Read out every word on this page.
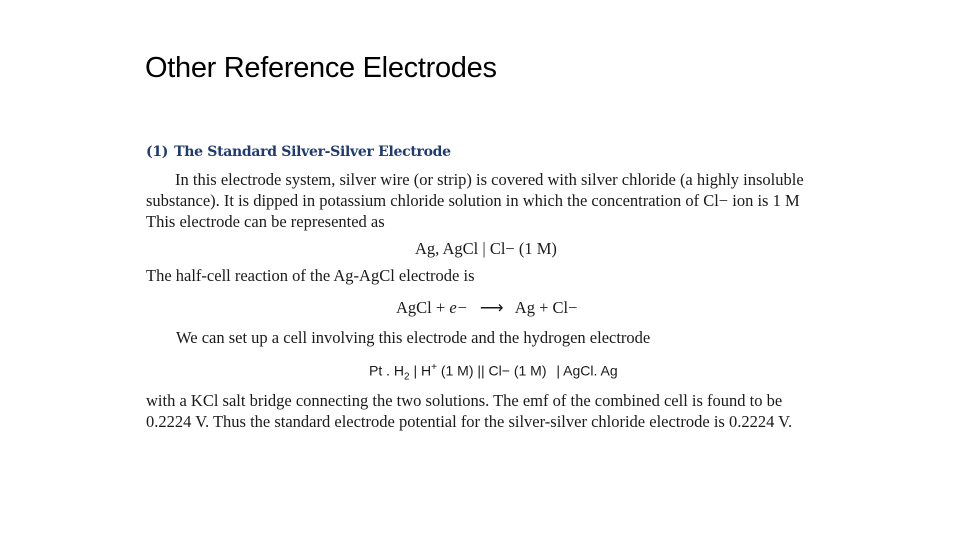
Other Reference Electrodes
(1) The Standard Silver-Silver Electrode
In this electrode system, silver wire (or strip) is covered with silver chloride (a highly insoluble substance). It is dipped in potassium chloride solution in which the concentration of Cl− ion is 1 M This electrode can be represented as
Ag, AgCl | Cl− (1 M)
The half-cell reaction of the Ag-AgCl electrode is
AgCl + e− ⟶ Ag + Cl−
We can set up a cell involving this electrode and the hydrogen electrode
Pt . $H_2$ | H+ (1 M) || Cl− (1 M) | AgCl. Ag
with a KCl salt bridge connecting the two solutions. The emf of the combined cell is found to be 0.2224 V. Thus the standard electrode potential for the silver-silver chloride electrode is 0.2224 V.
